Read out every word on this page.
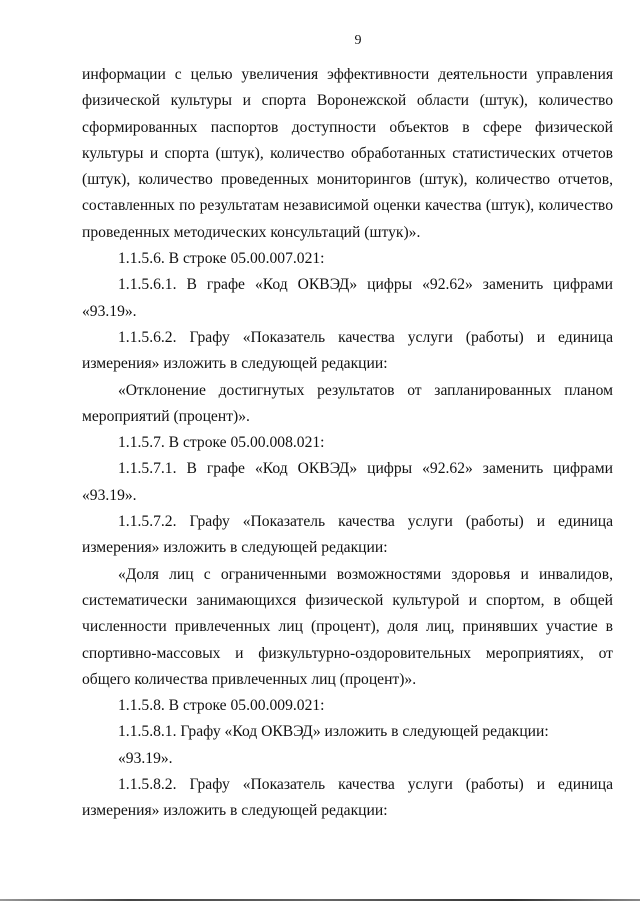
9

информации с целью увеличения эффективности деятельности управления физической культуры и спорта Воронежской области (штук), количество сформированных паспортов доступности объектов в сфере физической культуры и спорта (штук), количество обработанных статистических отчетов (штук), количество проведенных мониторингов (штук), количество отчетов, составленных по результатам независимой оценки качества (штук), количество проведенных методических консультаций (штук)».

1.1.5.6. В строке 05.00.007.021:

1.1.5.6.1. В графе «Код ОКВЭД» цифры «92.62» заменить цифрами «93.19».

1.1.5.6.2. Графу «Показатель качества услуги (работы) и единица измерения» изложить в следующей редакции:

«Отклонение достигнутых результатов от запланированных планом мероприятий (процент)».

1.1.5.7. В строке 05.00.008.021:

1.1.5.7.1. В графе «Код ОКВЭД» цифры «92.62» заменить цифрами «93.19».

1.1.5.7.2. Графу «Показатель качества услуги (работы) и единица измерения» изложить в следующей редакции:

«Доля лиц с ограниченными возможностями здоровья и инвалидов, систематически занимающихся физической культурой и спортом, в общей численности привлеченных лиц (процент), доля лиц, принявших участие в спортивно-массовых и физкультурно-оздоровительных мероприятиях, от общего количества привлеченных лиц (процент)».

1.1.5.8. В строке 05.00.009.021:

1.1.5.8.1. Графу «Код ОКВЭД» изложить в следующей редакции:

«93.19».

1.1.5.8.2. Графу «Показатель качества услуги (работы) и единица измерения» изложить в следующей редакции:
